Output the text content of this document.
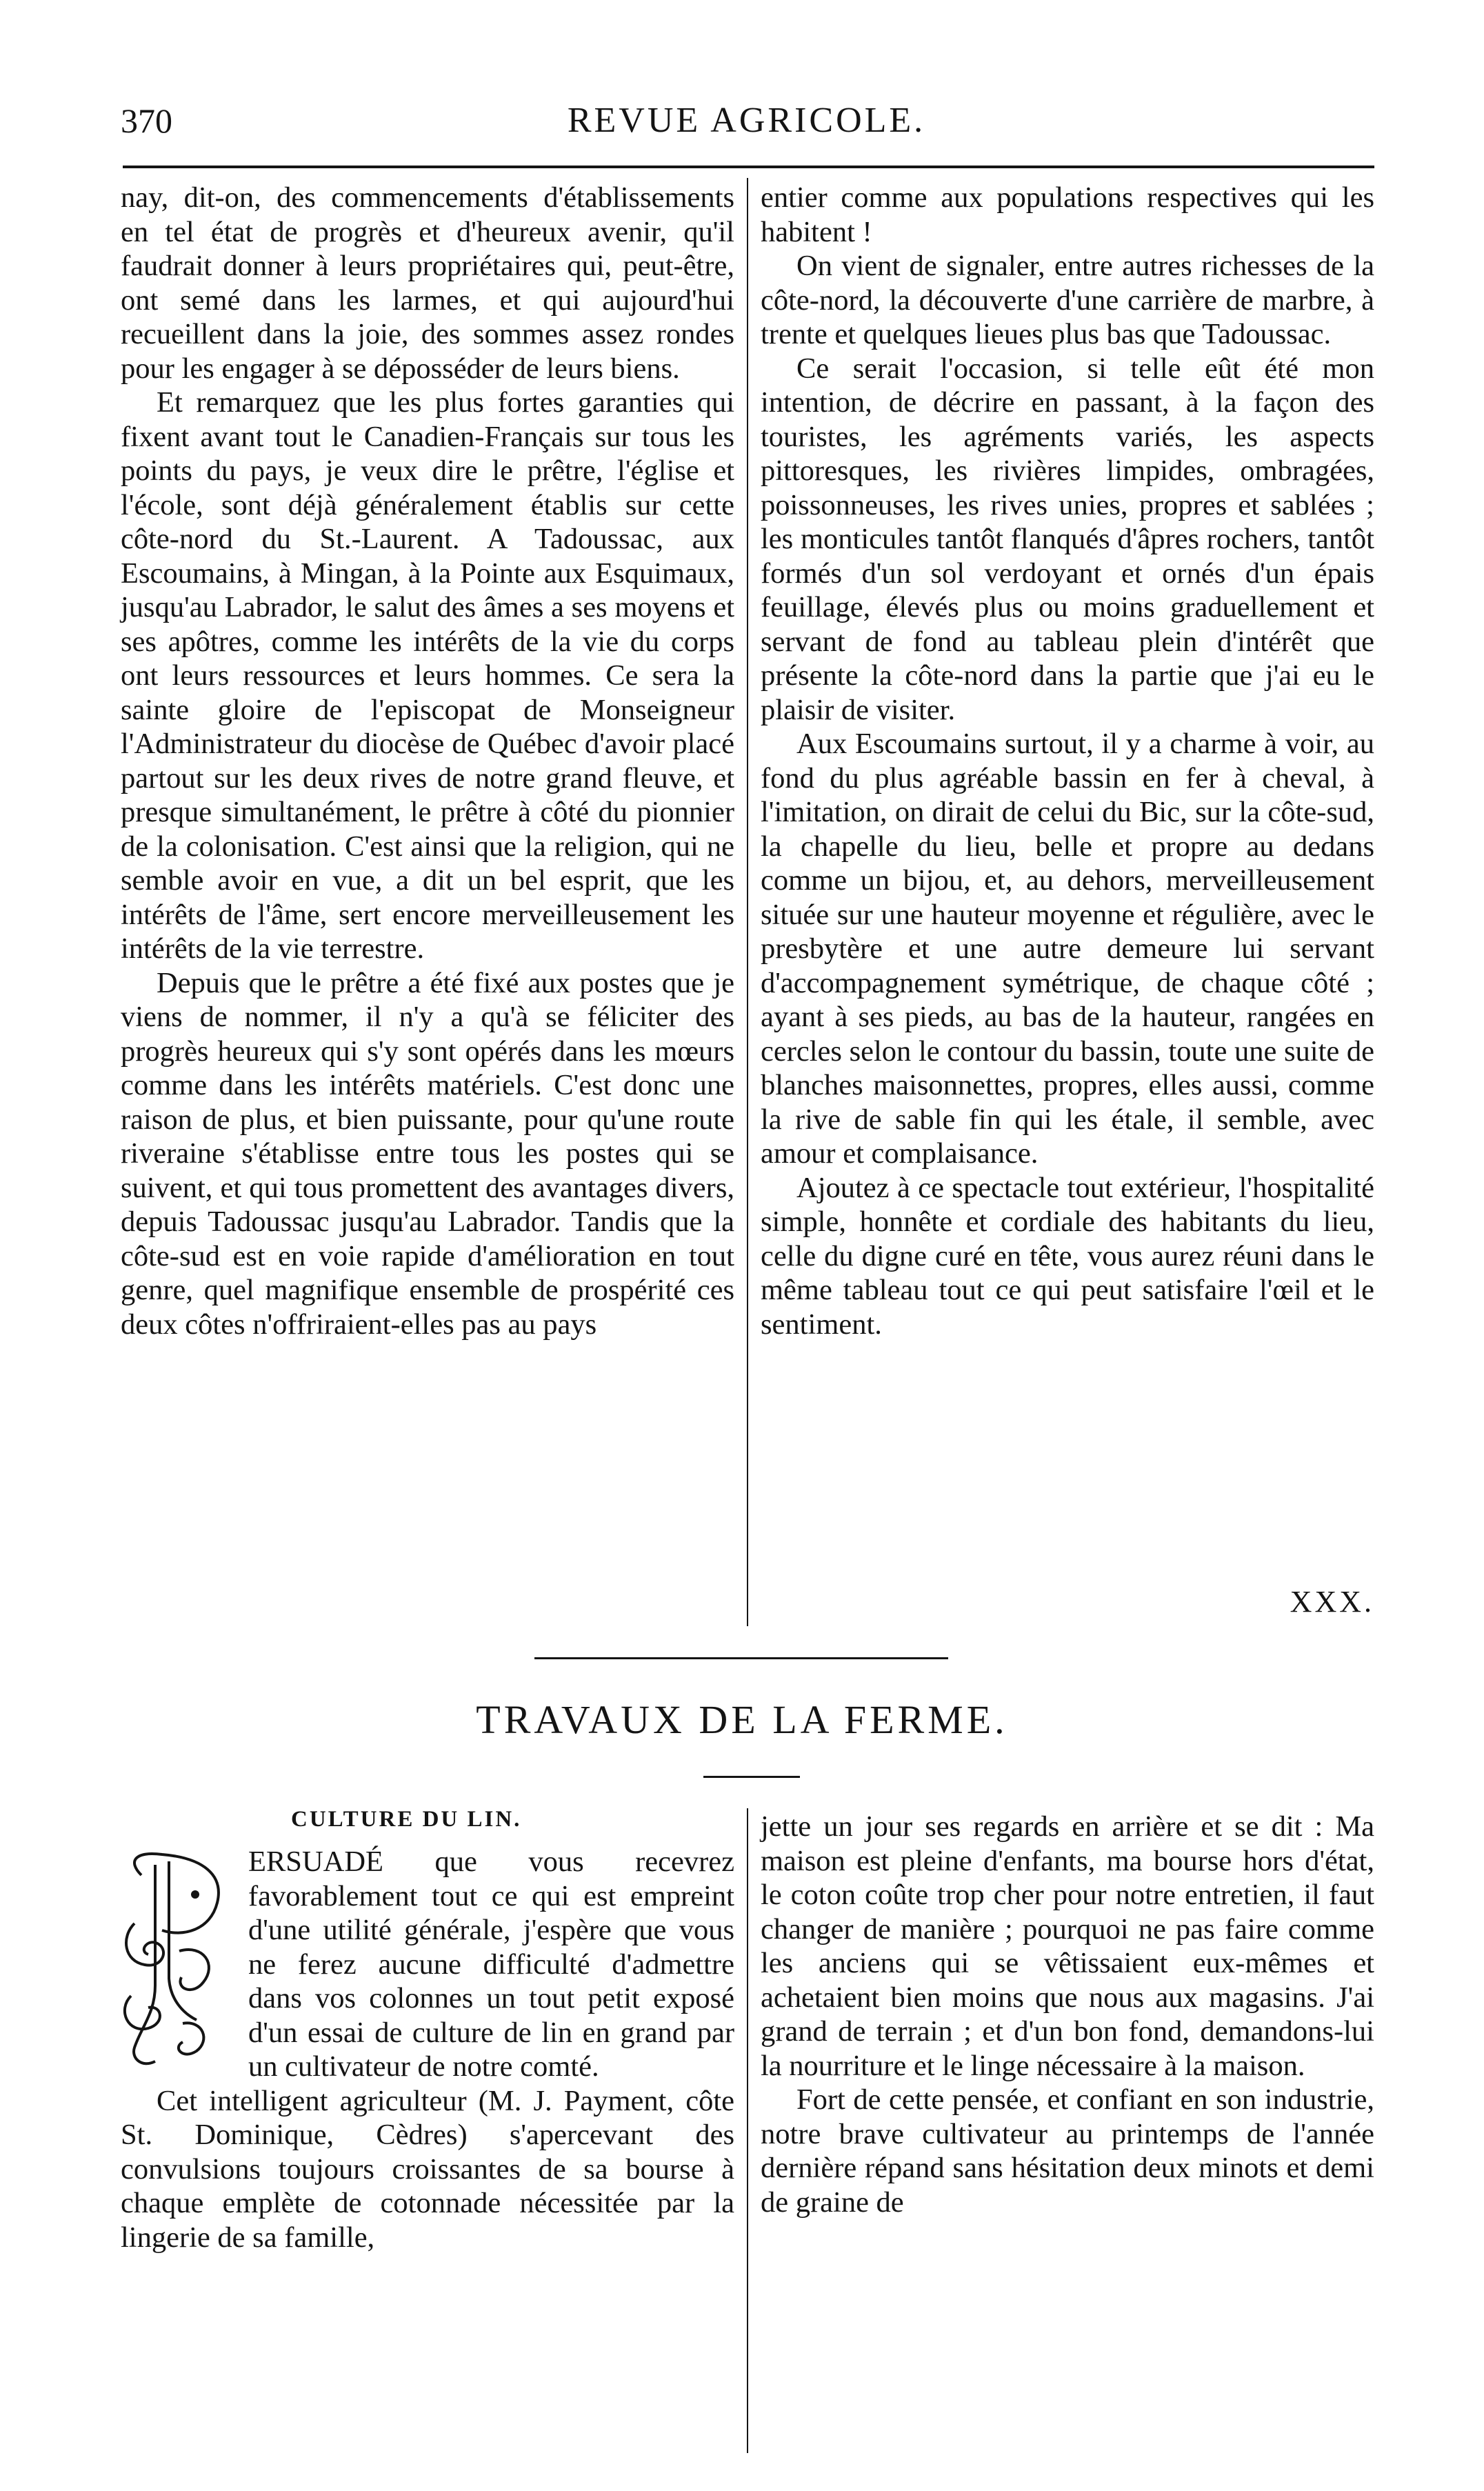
370	REVUE AGRICOLE.

nay, dit-on, des commencements d'établissements en tel état de progrès et d'heureux avenir, qu'il faudrait donner à leurs propriétaires qui, peut-être, ont semé dans les larmes, et qui aujourd'hui recueillent dans la joie, des sommes assez rondes pour les engager à se déposséder de leurs biens.

Et remarquez que les plus fortes garanties qui fixent avant tout le Canadien-Français sur tous les points du pays, je veux dire le prêtre, l'église et l'école, sont déjà généralement établis sur cette côte-nord du St.-Laurent. A Tadoussac, aux Escoumains, à Mingan, à la Pointe aux Esquimaux, jusqu'au Labrador, le salut des âmes a ses moyens et ses apôtres, comme les intérêts de la vie du corps ont leurs ressources et leurs hommes. Ce sera la sainte gloire de l'episcopat de Monseigneur l'Administrateur du diocèse de Québec d'avoir placé partout sur les deux rives de notre grand fleuve, et presque simultanément, le prêtre à côté du pionnier de la colonisation. C'est ainsi que la religion, qui ne semble avoir en vue, a dit un bel esprit, que les intérêts de l'âme, sert encore merveilleusement les intérêts de la vie terrestre.

Depuis que le prêtre a été fixé aux postes que je viens de nommer, il n'y a qu'à se féliciter des progrès heureux qui s'y sont opérés dans les mœurs comme dans les intérêts matériels. C'est donc une raison de plus, et bien puissante, pour qu'une route riveraine s'établisse entre tous les postes qui se suivent, et qui tous promettent des avantages divers, depuis Tadoussac jusqu'au Labrador. Tandis que la côte-sud est en voie rapide d'amélioration en tout genre, quel magnifique ensemble de prospérité ces deux côtes n'offriraient-elles pas au pays

entier comme aux populations respectives qui les habitent !

On vient de signaler, entre autres richesses de la côte-nord, la découverte d'une carrière de marbre, à trente et quelques lieues plus bas que Tadoussac.

Ce serait l'occasion, si telle eût été mon intention, de décrire en passant, à la façon des touristes, les agréments variés, les aspects pittoresques, les rivières limpides, ombragées, poissonneuses, les rives unies, propres et sablées ; les monticules tantôt flanqués d'âpres rochers, tantôt formés d'un sol verdoyant et ornés d'un épais feuillage, élevés plus ou moins graduellement et servant de fond au tableau plein d'intérêt que présente la côte-nord dans la partie que j'ai eu le plaisir de visiter.

Aux Escoumains surtout, il y a charme à voir, au fond du plus agréable bassin en fer à cheval, à l'imitation, on dirait de celui du Bic, sur la côte-sud, la chapelle du lieu, belle et propre au dedans comme un bijou, et, au dehors, merveilleusement située sur une hauteur moyenne et régulière, avec le presbytère et une autre demeure lui servant d'accompagnement symétrique, de chaque côté ; ayant à ses pieds, au bas de la hauteur, rangées en cercles selon le contour du bassin, toute une suite de blanches maisonnettes, propres, elles aussi, comme la rive de sable fin qui les étale, il semble, avec amour et complaisance.

Ajoutez à ce spectacle tout extérieur, l'hospitalité simple, honnête et cordiale des habitants du lieu, celle du digne curé en tête, vous aurez réuni dans le même tableau tout ce qui peut satisfaire l'œil et le sentiment.

XXX.
TRAVAUX DE LA FERME.
CULTURE DU LIN.

ERSUADÉ que vous recevrez favorablement tout ce qui est empreint d'une utilité générale, j'espère que vous ne ferez aucune difficulté d'admettre dans vos colonnes un tout petit exposé d'un essai de culture de lin en grand par un cultivateur de notre comté.

Cet intelligent agriculteur (M. J. Payment, côte St. Dominique, Cèdres) s'apercevant des convulsions toujours croissantes de sa bourse à chaque emplète de cotonnade nécessitée par la lingerie de sa famille,

jette un jour ses regards en arrière et se dit : Ma maison est pleine d'enfants, ma bourse hors d'état, le coton coûte trop cher pour notre entretien, il faut changer de manière ; pourquoi ne pas faire comme les anciens qui se vêtissaient eux-mêmes et achetaient bien moins que nous aux magasins. J'ai grand de terrain ; et d'un bon fond, demandons-lui la nourriture et le linge nécessaire à la maison.

Fort de cette pensée, et confiant en son industrie, notre brave cultivateur au printemps de l'année dernière répand sans hésitation deux minots et demi de graine de
